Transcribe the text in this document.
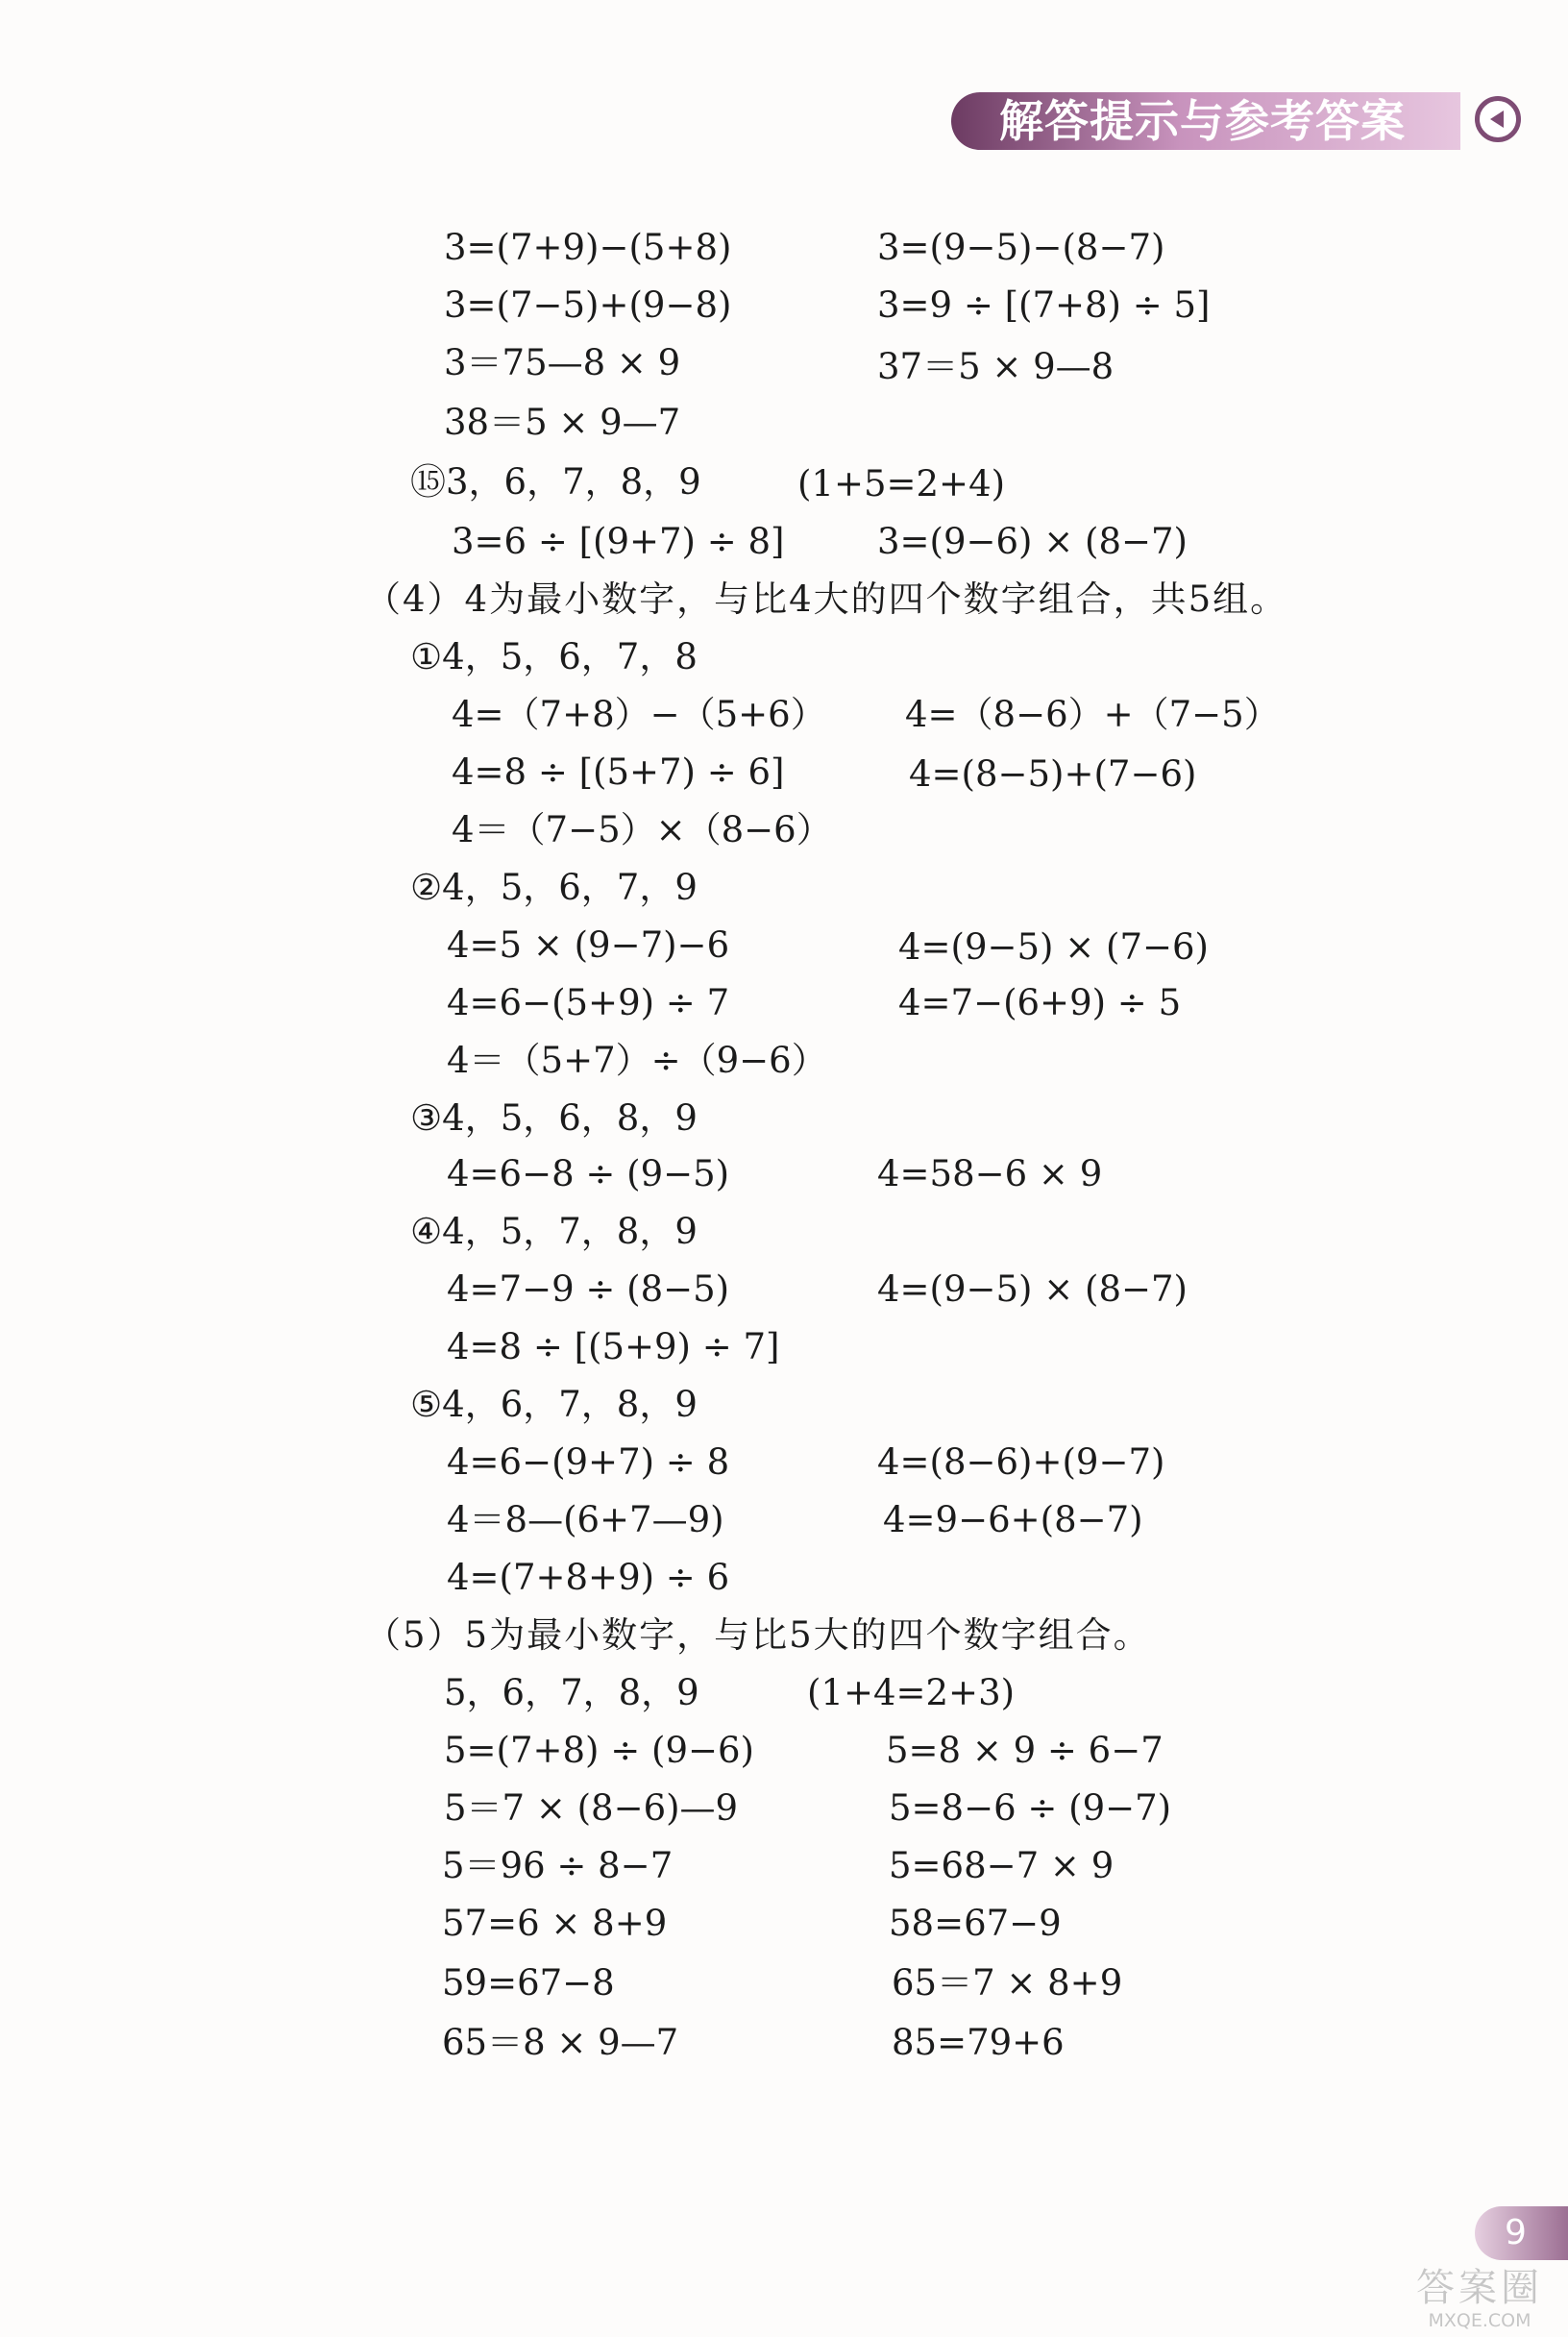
解答提示与参考答案
3=(7+9)−(5+8)	3=(9−5)−(8−7)
3=(7−5)+(9−8)	3=9 ÷ [(7+8) ÷ 5]
3＝75—8 × 9	37＝5 × 9—8
38＝5 × 9—7
⑮3，6，7，8，9	(1+5=2+4)
3=6 ÷ [(9+7) ÷ 8]	3=(9−6) × (8−7)
（4）4为最小数字，与比4大的四个数字组合，共5组。
①4，5，6，7，8
4=（7+8）−（5+6） 4=（8−6）+（7−5）
4=8 ÷ [(5+7) ÷ 6]	4=(8−5)+(7−6)
4＝（7−5）×（8−6）
②4，5，6，7，9
4=5 × (9−7)−6	4=(9−5) × (7−6)
4=6−(5+9) ÷ 7	4=7−(6+9) ÷ 5
4＝（5+7）÷（9−6）
③4，5，6，8，9
4=6−8 ÷ (9−5)	4=58−6 × 9
④4，5，7，8，9
4=7−9 ÷ (8−5)	4=(9−5) × (8−7)
4=8 ÷ [(5+9) ÷ 7]
⑤4，6，7，8，9
4=6−(9+7) ÷ 8	4=(8−6)+(9−7)
4＝8—(6+7—9)	4=9−6+(8−7)
4=(7+8+9) ÷ 6
（5）5为最小数字，与比5大的四个数字组合。
5，6，7，8，9	(1+4=2+3)
5=(7+8) ÷ (9−6)	5=8 × 9 ÷ 6−7
5＝7 × (8−6)—9	5=8−6 ÷ (9−7)
5＝96 ÷ 8−7	5=68−7 × 9
57=6 × 8+9	58=67−9
59=67−8	65＝7 × 8+9
65＝8 × 9—7	85=79+6
9
答案圈
MXQE.COM
